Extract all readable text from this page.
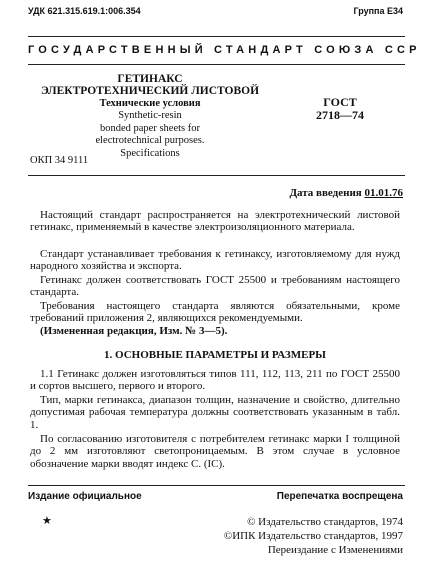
УДК 621.315.619.1:006.354	Группа Е34
ГОСУДАРСТВЕННЫЙ СТАНДАРТ СОЮЗА ССР
ГЕТИНАКС
ЭЛЕКТРОТЕХНИЧЕСКИЙ ЛИСТОВОЙ
Технические условия
Synthetic-resin
bonded paper sheets for
electrotechnical purposes.
Specifications
ГОСТ
2718—74
ОКП 34 9111
Дата введения 01.01.76
Настоящий стандарт распространяется на электротехнический листовой гетинакс, применяемый в качестве электроизоляционного материала.
Стандарт устанавливает требования к гетинаксу, изготовляемому для нужд народного хозяйства и экспорта.
Гетинакс должен соответствовать ГОСТ 25500 и требованиям настоящего стандарта.
Требования настоящего стандарта являются обязательными, кроме требований приложения 2, являющихся рекомендуемыми.
(Измененная редакция, Изм. № 3—5).
1. ОСНОВНЫЕ ПАРАМЕТРЫ И РАЗМЕРЫ
1.1 Гетинакс должен изготовляться типов 111, 112, 113, 211 по ГОСТ 25500 и сортов высшего, первого и второго.
Тип, марки гетинакса, диапазон толщин, назначение и свойство, длительно допустимая рабочая температура должны соответствовать указанным в табл. 1.
По согласованию изготовителя с потребителем гетинакс марки I толщиной до 2 мм изготовляют светопроницаемым. В этом случае в условное обозначение марки вводят индекс С. (IC).
Издание официальное	Перепечатка воспрещена
★	© Издательство стандартов, 1974
©ИПК Издательство стандартов, 1997
Переиздание с Изменениями
